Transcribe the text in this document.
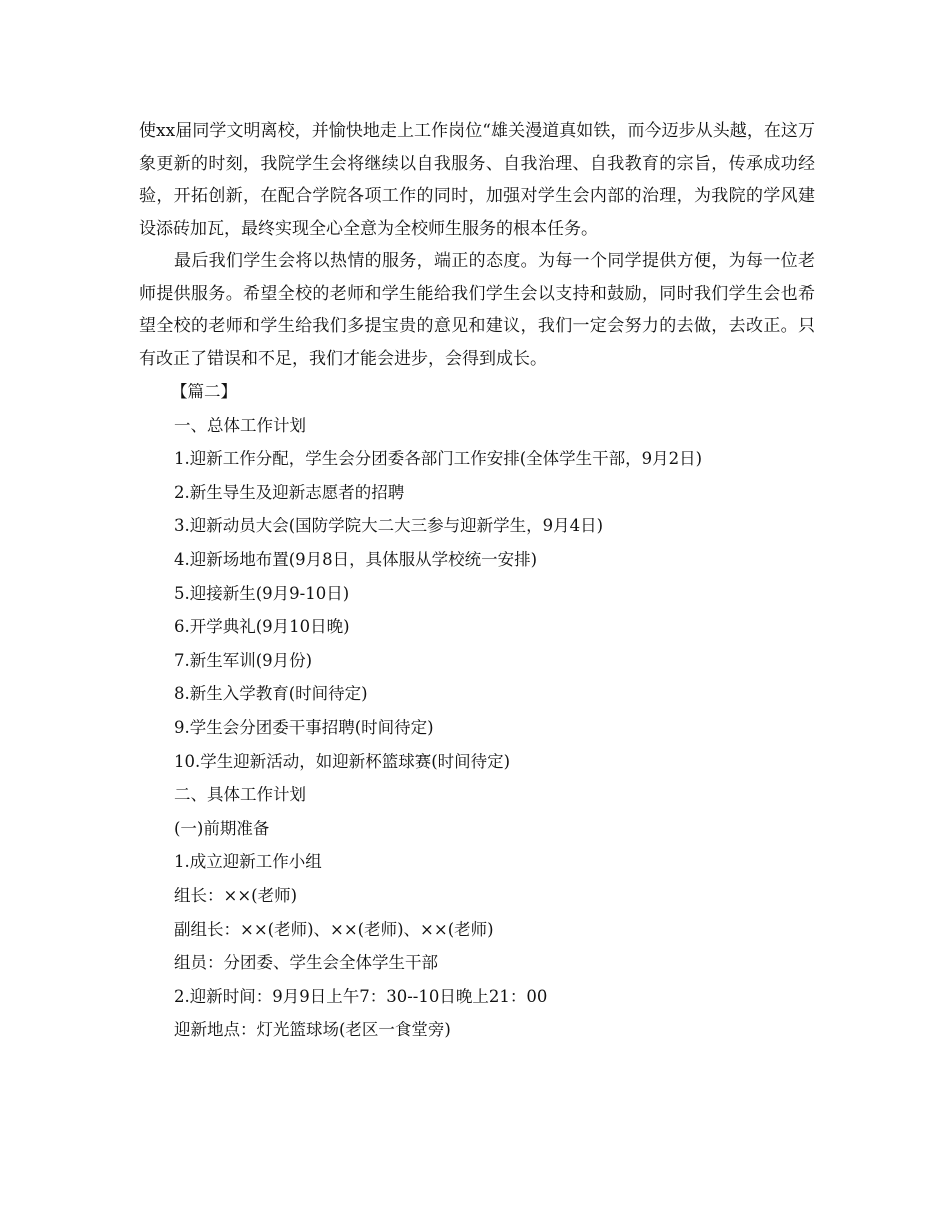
使xx届同学文明离校，并愉快地走上工作岗位“雄关漫道真如铁，而今迈步从头越，在这万象更新的时刻，我院学生会将继续以自我服务、自我治理、自我教育的宗旨，传承成功经验，开拓创新，在配合学院各项工作的同时，加强对学生会内部的治理，为我院的学风建设添砖加瓦，最终实现全心全意为全校师生服务的根本任务。

最后我们学生会将以热情的服务，端正的态度。为每一个同学提供方便，为每一位老师提供服务。希望全校的老师和学生能给我们学生会以支持和鼓励，同时我们学生会也希望全校的老师和学生给我们多提宝贵的意见和建议，我们一定会努力的去做，去改正。只有改正了错误和不足，我们才能会进步，会得到成长。

【篇二】
一、总体工作计划
1.迎新工作分配，学生会分团委各部门工作安排(全体学生干部，9月2日)
2.新生导生及迎新志愿者的招聘
3.迎新动员大会(国防学院大二大三参与迎新学生，9月4日)
4.迎新场地布置(9月8日，具体服从学校统一安排)
5.迎接新生(9月9-10日)
6.开学典礼(9月10日晚)
7.新生军训(9月份)
8.新生入学教育(时间待定)
9.学生会分团委干事招聘(时间待定)
10.学生迎新活动，如迎新杯篮球赛(时间待定)
二、具体工作计划
(一)前期准备
1.成立迎新工作小组
组长：××(老师)
副组长：××(老师)、××(老师)、××(老师)
组员：分团委、学生会全体学生干部
2.迎新时间：9月9日上午7：30--10日晚上21：00
迎新地点：灯光篮球场(老区一食堂旁)
